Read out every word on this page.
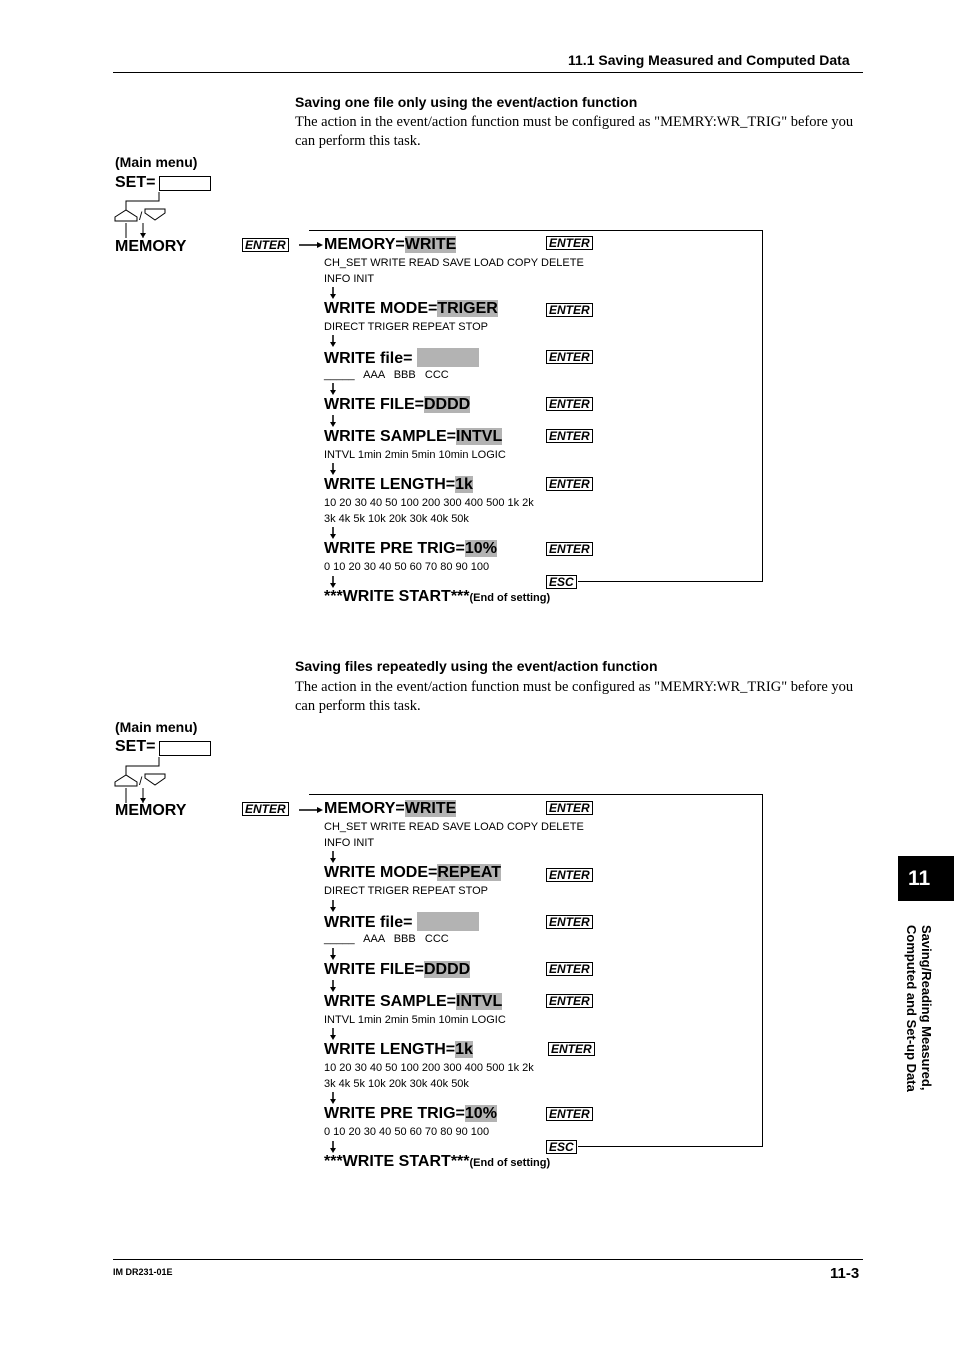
11.1 Saving Measured and Computed Data
Saving one file only using the event/action function
The action in the event/action function must be configured as "MEMRY:WR_TRIG" before you can perform this task.
(Main menu)
SET=
/
MEMORY	ENTER MEMORY=WRITE	ENTER
CH_SET WRITE READ SAVE LOAD COPY DELETE
INFO INIT
WRITE MODE=TRIGER	ENTER
DIRECT TRIGER REPEAT STOP
WRITE file=	ENTER
_____   AAA   BBB   CCC
WRITE FILE=DDDD	ENTER
WRITE SAMPLE=INTVL	ENTER
INTVL 1min 2min 5min 10min LOGIC
WRITE LENGTH=1k	ENTER
10 20 30 40 50 100 200 300 400 500 1k 2k
3k 4k 5k 10k 20k 30k 40k 50k
WRITE PRE TRIG=10%	ENTER
0 10 20 30 40 50 60 70 80 90 100
ESC
***WRITE START***(End of setting)
Saving files repeatedly using the event/action function
The action in the event/action function must be configured as "MEMRY:WR_TRIG" before you can perform this task.
(Main menu)
SET=
/
MEMORY	ENTER MEMORY=WRITE	ENTER
CH_SET WRITE READ SAVE LOAD COPY DELETE
INFO INIT
WRITE MODE=REPEAT	ENTER
DIRECT TRIGER REPEAT STOP
WRITE file=	ENTER
_____   AAA   BBB   CCC
WRITE FILE=DDDD	ENTER
WRITE SAMPLE=INTVL	ENTER
INTVL 1min 2min 5min 10min LOGIC
WRITE LENGTH=1k	ENTER
10 20 30 40 50 100 200 300 400 500 1k 2k
3k 4k 5k 10k 20k 30k 40k 50k
WRITE PRE TRIG=10%	ENTER
0 10 20 30 40 50 60 70 80 90 100
ESC
***WRITE START***(End of setting)
11
Saving/Reading Measured,
Computed and Set-up Data
IM DR231-01E	11-3
